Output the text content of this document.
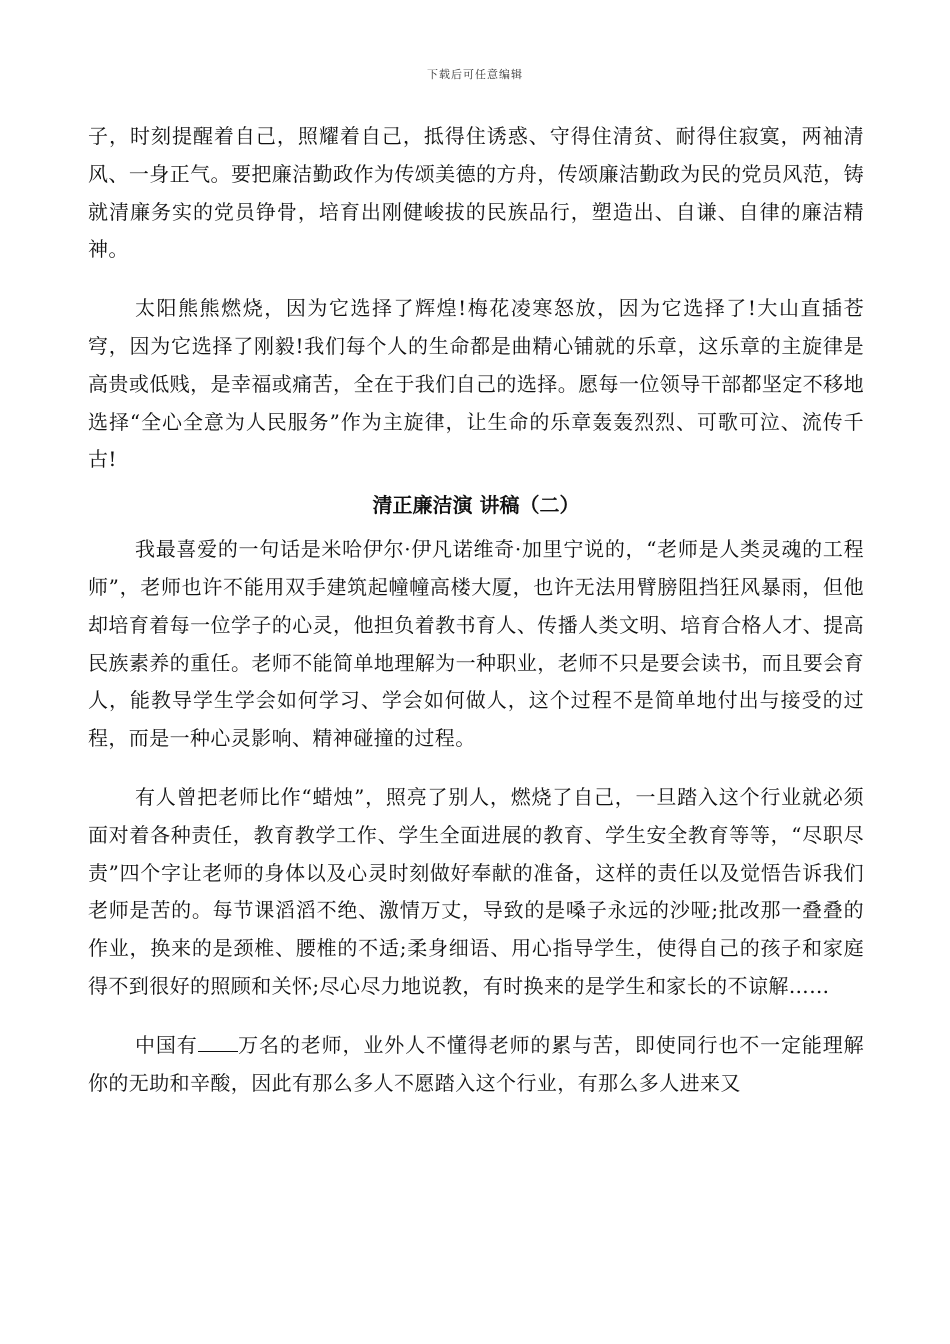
下载后可任意编辑

子，时刻提醒着自己，照耀着自己，抵得住诱惑、守得住清贫、耐得住寂寞，两袖清风、一身正气。要把廉洁勤政作为传颂美德的方舟，传颂廉洁勤政为民的党员风范，铸就清廉务实的党员铮骨，培育出刚健峻拔的民族品行，塑造出、自谦、自律的廉洁精神。

太阳熊熊燃烧，因为它选择了辉煌!梅花凌寒怒放，因为它选择了!大山直插苍穹，因为它选择了刚毅!我们每个人的生命都是曲精心铺就的乐章，这乐章的主旋律是高贵或低贱，是幸福或痛苦，全在于我们自己的选择。愿每一位领导干部都坚定不移地选择“全心全意为人民服务”作为主旋律，让生命的乐章轰轰烈烈、可歌可泣、流传千古!

清正廉洁演 讲稿（二）

我最喜爱的一句话是米哈伊尔·伊凡诺维奇·加里宁说的，“老师是人类灵魂的工程师”，老师也许不能用双手建筑起幢幢高楼大厦，也许无法用臂膀阻挡狂风暴雨，但他却培育着每一位学子的心灵，他担负着教书育人、传播人类文明、培育合格人才、提高民族素养的重任。老师不能简单地理解为一种职业，老师不只是要会读书，而且要会育人，能教导学生学会如何学习、学会如何做人，这个过程不是简单地付出与接受的过程，而是一种心灵影响、精神碰撞的过程。

有人曾把老师比作“蜡烛”，照亮了别人，燃烧了自己，一旦踏入这个行业就必须面对着各种责任，教育教学工作、学生全面进展的教育、学生安全教育等等，“尽职尽责”四个字让老师的身体以及心灵时刻做好奉献的准备，这样的责任以及觉悟告诉我们老师是苦的。每节课滔滔不绝、激情万丈，导致的是嗓子永远的沙哑;批改那一叠叠的作业，换来的是颈椎、腰椎的不适;柔身细语、用心指导学生，使得自己的孩子和家庭得不到很好的照顾和关怀;尽心尽力地说教，有时换来的是学生和家长的不谅解……

中国有 万名的老师，业外人不懂得老师的累与苦，即使同行也不一定能理解你的无助和辛酸，因此有那么多人不愿踏入这个行业，有那么多人进来又
